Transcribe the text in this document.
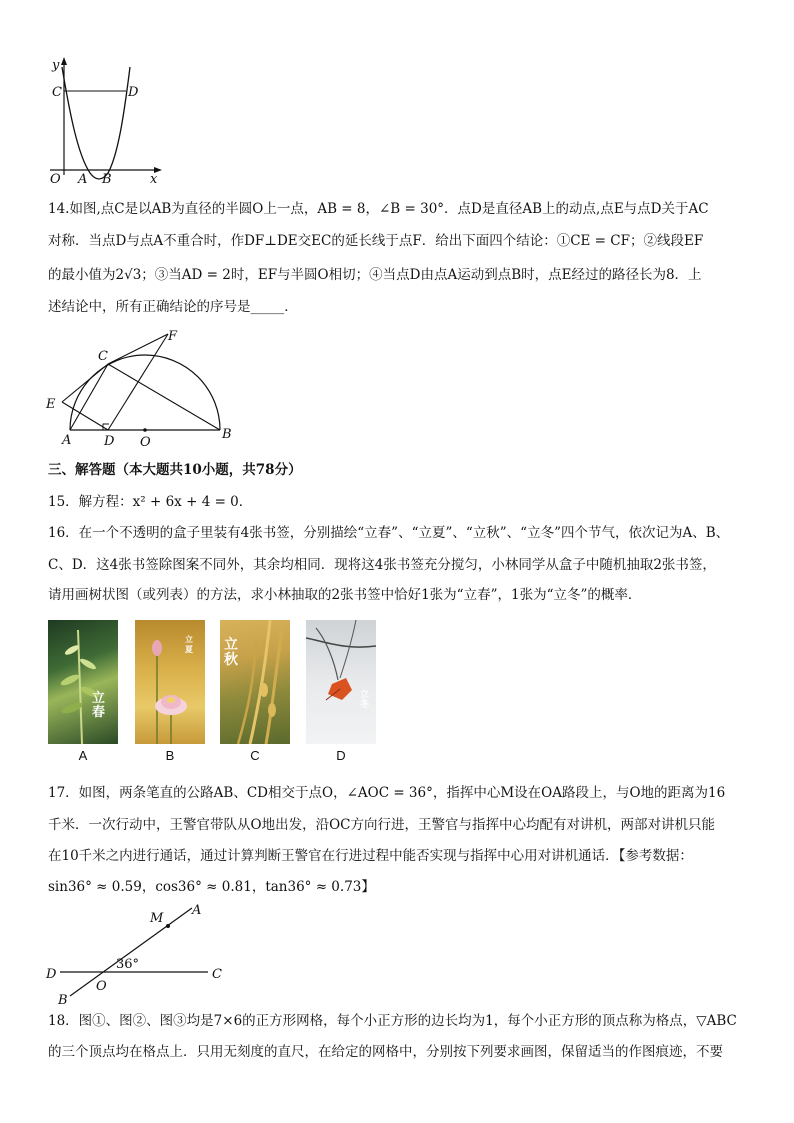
y
x
O
C	D
A B
14.如图,点C是以AB为直径的半圆O上一点，AB = 8，∠B = 30°．点D是直径AB上的动点,点E与点D关于AC
对称．当点D与点A不重合时，作DF⊥DE交EC的延长线于点F．给出下面四个结论：①CE = CF；②线段EF
的最小值为2√3；③当AD = 2时，EF与半圆O相切；④当点D由点A运动到点B时，点E经过的路径长为8．上
述结论中，所有正确结论的序号是_____．
F
C
E
A	D O
B
三、解答题（本大题共10小题，共78分）
15．解方程：x² + 6x + 4 = 0．
16．在一个不透明的盒子里装有4张书签，分别描绘“立春”、“立夏”、“立秋”、“立冬”四个节气，依次记为A、B、
C、D．这4张书签除图案不同外，其余均相同．现将这4张书签充分搅匀，小林同学从盒子中随机抽取2张书签，
请用画树状图（或列表）的方法，求小林抽取的2张书签中恰好1张为“立春”，1张为“立冬”的概率．
立春
立夏 立秋
立冬
A	B	C	D
17．如图，两条笔直的公路AB、CD相交于点O，∠AOC = 36°，指挥中心M设在OA路段上，与O地的距离为16
千米．一次行动中，王警官带队从O地出发，沿OC方向行进，王警官与指挥中心均配有对讲机，两部对讲机只能
在10千米之内进行通话，通过计算判断王警官在行进过程中能否实现与指挥中心用对讲机通话．【参考数据：
sin36° ≈ 0.59，cos36° ≈ 0.81，tan36° ≈ 0.73】
M
A
D	C
O
B
36°
18．图①、图②、图③均是7×6的正方形网格，每个小正方形的边长均为1，每个小正方形的顶点称为格点，▽ABC
的三个顶点均在格点上．只用无刻度的直尺，在给定的网格中，分别按下列要求画图，保留适当的作图痕迹，不要
